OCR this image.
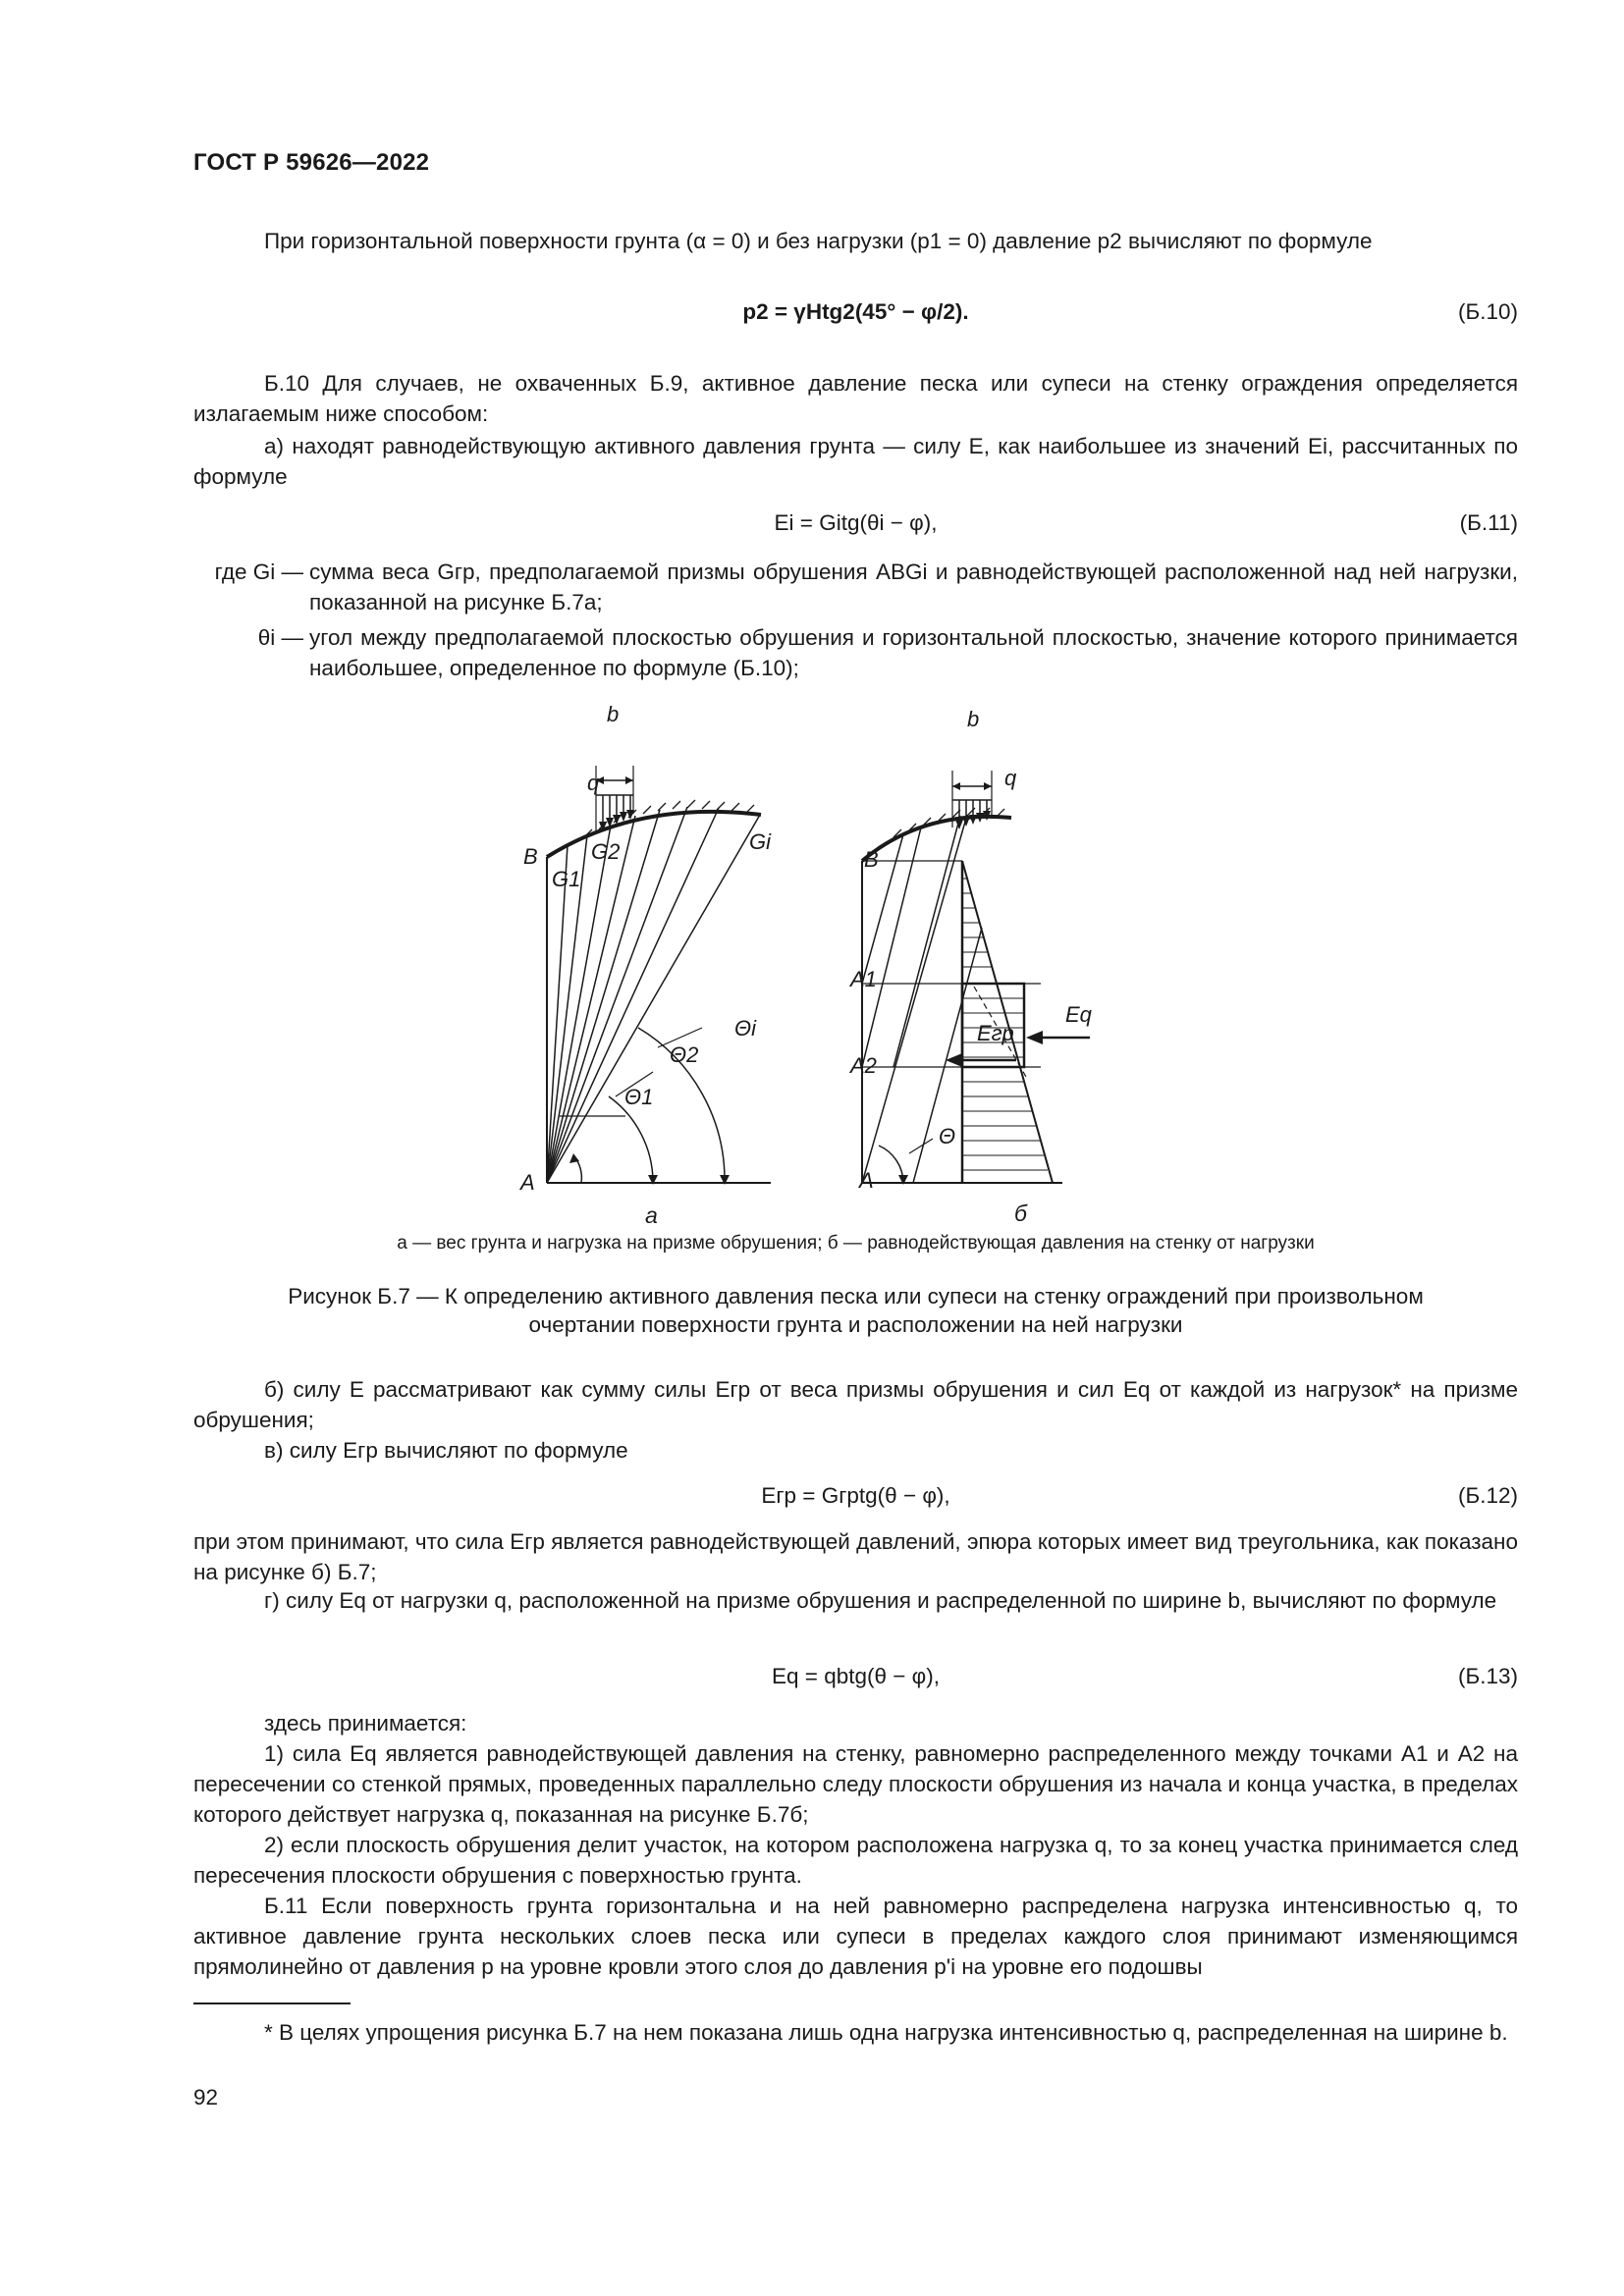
ГОСТ Р 59626—2022
При горизонтальной поверхности грунта (α = 0) и без нагрузки (p1 = 0) давление p2 вычисляют по формуле
p2 = γHtg2(45° − φ/2).	(Б.10)
Б.10 Для случаев, не охваченных Б.9, активное давление песка или супеси на стенку ограждения определяется излагаемым ниже способом:
а) находят равнодействующую активного давления грунта — силу E, как наибольшее из значений Ei, рассчитанных по формуле
Ei = Gitg(θi − φ),	(Б.11)
где Gi — сумма веса Gгр, предполагаемой призмы обрушения ABGi и равнодействующей расположенной над ней нагрузки, показанной на рисунке Б.7а;
θi — угол между предполагаемой плоскостью обрушения и горизонтальной плоскостью, значение которого принимается наибольшее, определенное по формуле (Б.10);
b
q
B
G1
G2	Gi
A
Θ1
Θ2
Θi
а
b
q
B
A1
A2
A
Eгр
Eq
Θ
б
а — вес грунта и нагрузка на призме обрушения; б — равнодействующая давления на стенку от нагрузки
Рисунок Б.7 — К определению активного давления песка или супеси на стенку ограждений при произвольном
очертании поверхности грунта и расположении на ней нагрузки
б) силу E рассматривают как сумму силы Eгр от веса призмы обрушения и сил Eq от каждой из нагрузок* на призме обрушения;
в) силу Eгр вычисляют по формуле
Eгр = Gгрtg(θ − φ),	(Б.12)
при этом принимают, что сила Eгр является равнодействующей давлений, эпюра которых имеет вид треугольника, как показано на рисунке б) Б.7;
г) силу Eq от нагрузки q, расположенной на призме обрушения и распределенной по ширине b, вычисляют по формуле
Eq = qbtg(θ − φ),	(Б.13)
здесь принимается:
1) сила Eq является равнодействующей давления на стенку, равномерно распределенного между точками A1 и A2 на пересечении со стенкой прямых, проведенных параллельно следу плоскости обрушения из начала и конца участка, в пределах которого действует нагрузка q, показанная на рисунке Б.7б;
2) если плоскость обрушения делит участок, на котором расположена нагрузка q, то за конец участка принимается след пересечения плоскости обрушения с поверхностью грунта.
Б.11 Если поверхность грунта горизонтальна и на ней равномерно распределена нагрузка интенсивностью q, то активное давление грунта нескольких слоев песка или супеси в пределах каждого слоя принимают изменяющимся прямолинейно от давления p на уровне кровли этого слоя до давления p'i на уровне его подошвы
* В целях упрощения рисунка Б.7 на нем показана лишь одна нагрузка интенсивностью q, распределенная на ширине b.
92
